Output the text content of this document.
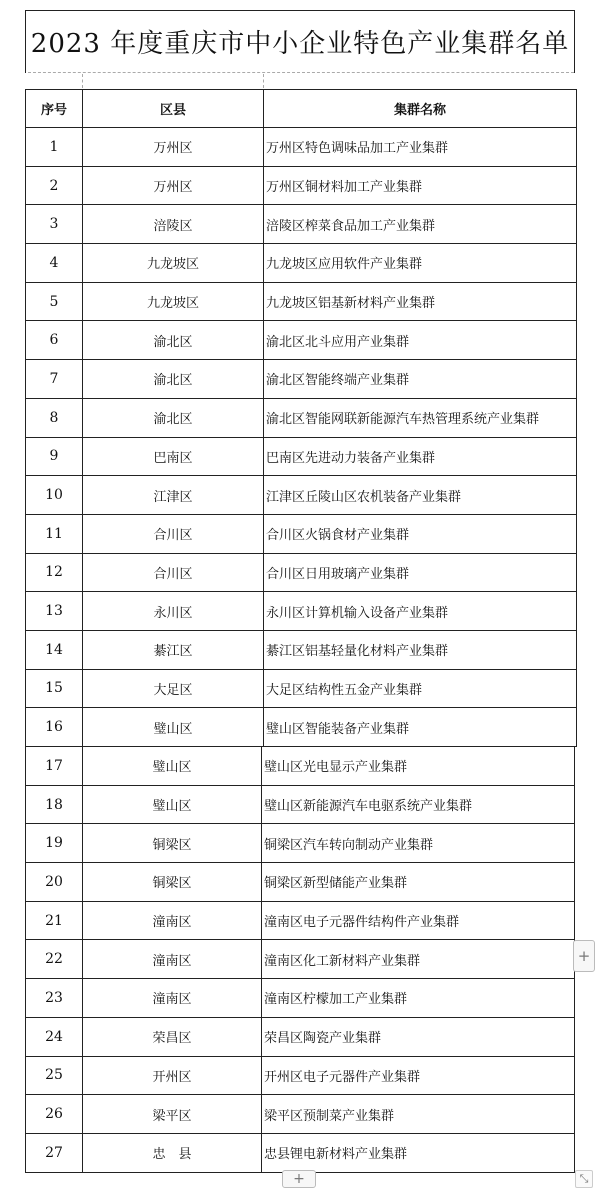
2023 年度重庆市中小企业特色产业集群名单
序号	区县	集群名称
1	万州区	万州区特色调味品加工产业集群
2	万州区	万州区铜材料加工产业集群
3	涪陵区	涪陵区榨菜食品加工产业集群
4	九龙坡区	九龙坡区应用软件产业集群
5	九龙坡区	九龙坡区铝基新材料产业集群
6	渝北区	渝北区北斗应用产业集群
7	渝北区	渝北区智能终端产业集群
8	渝北区	渝北区智能网联新能源汽车热管理系统产业集群
9	巴南区	巴南区先进动力装备产业集群
10	江津区	江津区丘陵山区农机装备产业集群
11	合川区	合川区火锅食材产业集群
12	合川区	合川区日用玻璃产业集群
13	永川区	永川区计算机输入设备产业集群
14	綦江区	綦江区铝基轻量化材料产业集群
15	大足区	大足区结构性五金产业集群
16	璧山区	璧山区智能装备产业集群
17	璧山区	璧山区光电显示产业集群
18	璧山区	璧山区新能源汽车电驱系统产业集群
19	铜梁区	铜梁区汽车转向制动产业集群
20	铜梁区	铜梁区新型储能产业集群
21	潼南区	潼南区电子元器件结构件产业集群
22	潼南区	潼南区化工新材料产业集群
23	潼南区	潼南区柠檬加工产业集群
24	荣昌区	荣昌区陶瓷产业集群
25	开州区	开州区电子元器件产业集群
26	梁平区	梁平区预制菜产业集群
27	忠　县	忠县锂电新材料产业集群
+
+	⤡
